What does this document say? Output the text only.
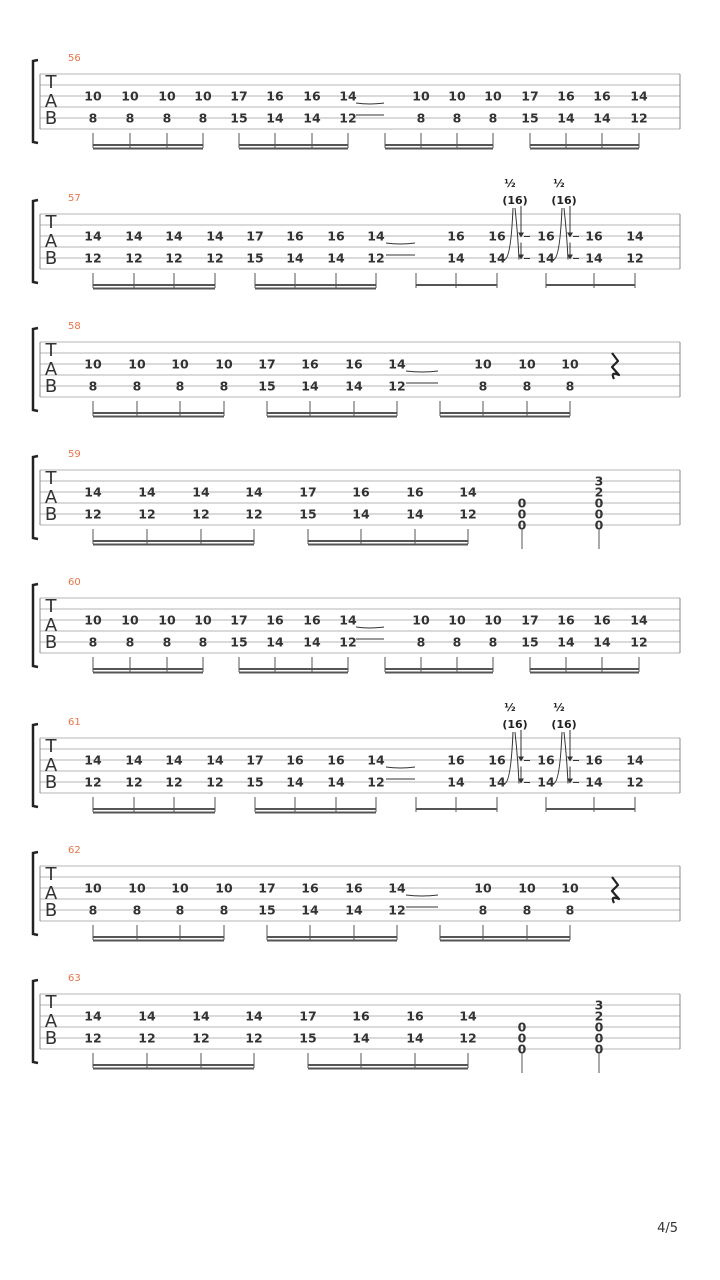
T
A
B
56
10 10 10 10 17 16 16 14
8 8 8 8 15 14 14 12
10 10 10 17 16 16 14
8 8 8 15 14 14 12
T
A
B
57
14 14 14 14 17 16 16 14
12 12 12 12 15 14 14 12
16 16	16 16 14
14 14	14 14 12
½
(16)
½
(16)
T
A
B
58
10 10 10 10 17 16 16 14
8	8	8	8 15 14 14 12
10 10 10
8	8	8
T
A
B
59
14	14	14	14	17	16	16	14
12	12	12	12	15	14	14	12
0
0
0
3
2
0
0
0
T
A
B
60
10 10 10 10 17 16 16 14
8 8 8 8 15 14 14 12
10 10 10 17 16 16 14
8 8 8 15 14 14 12
T
A
B
61
14 14 14 14 17 16 16 14
12 12 12 12 15 14 14 12
16 16	16 16 14
14 14	14 14 12
½
(16)
½
(16)
T
A
B
62
10 10 10 10 17 16 16 14
8	8	8	8 15 14 14 12
10 10 10
8	8	8
T
A
B
63
14	14	14	14	17	16	16	14
12	12	12	12	15	14	14	12
0
0
0
3
2
0
0
0
4/5
